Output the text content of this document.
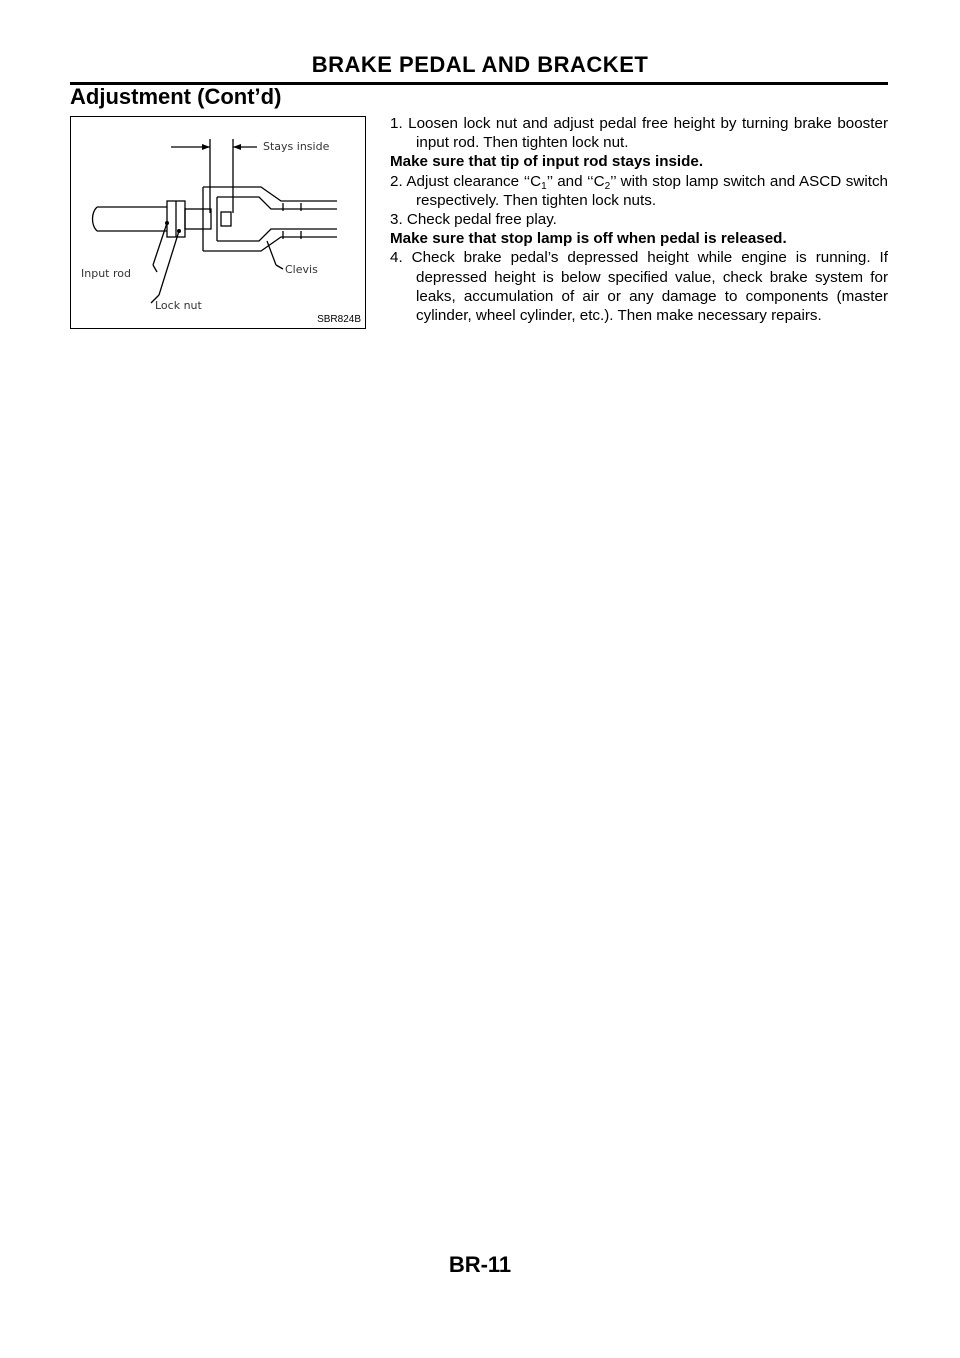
BRAKE PEDAL AND BRACKET
Adjustment (Cont’d)
Stays inside
Input rod
Lock nut
Clevis
SBR824B

1. Loosen lock nut and adjust pedal free height by turning brake booster input rod. Then tighten lock nut.

Make sure that tip of input rod stays inside.

2. Adjust clearance ‘‘$C_1$’’ and ‘‘$C_2$’’ with stop lamp switch and ASCD switch respectively. Then tighten lock nuts.

3. Check pedal free play.

Make sure that stop lamp is off when pedal is released.

4. Check brake pedal’s depressed height while engine is running. If depressed height is below specified value, check brake system for leaks, accumulation of air or any damage to components (master cylinder, wheel cylinder, etc.). Then make necessary repairs.

BR-11
